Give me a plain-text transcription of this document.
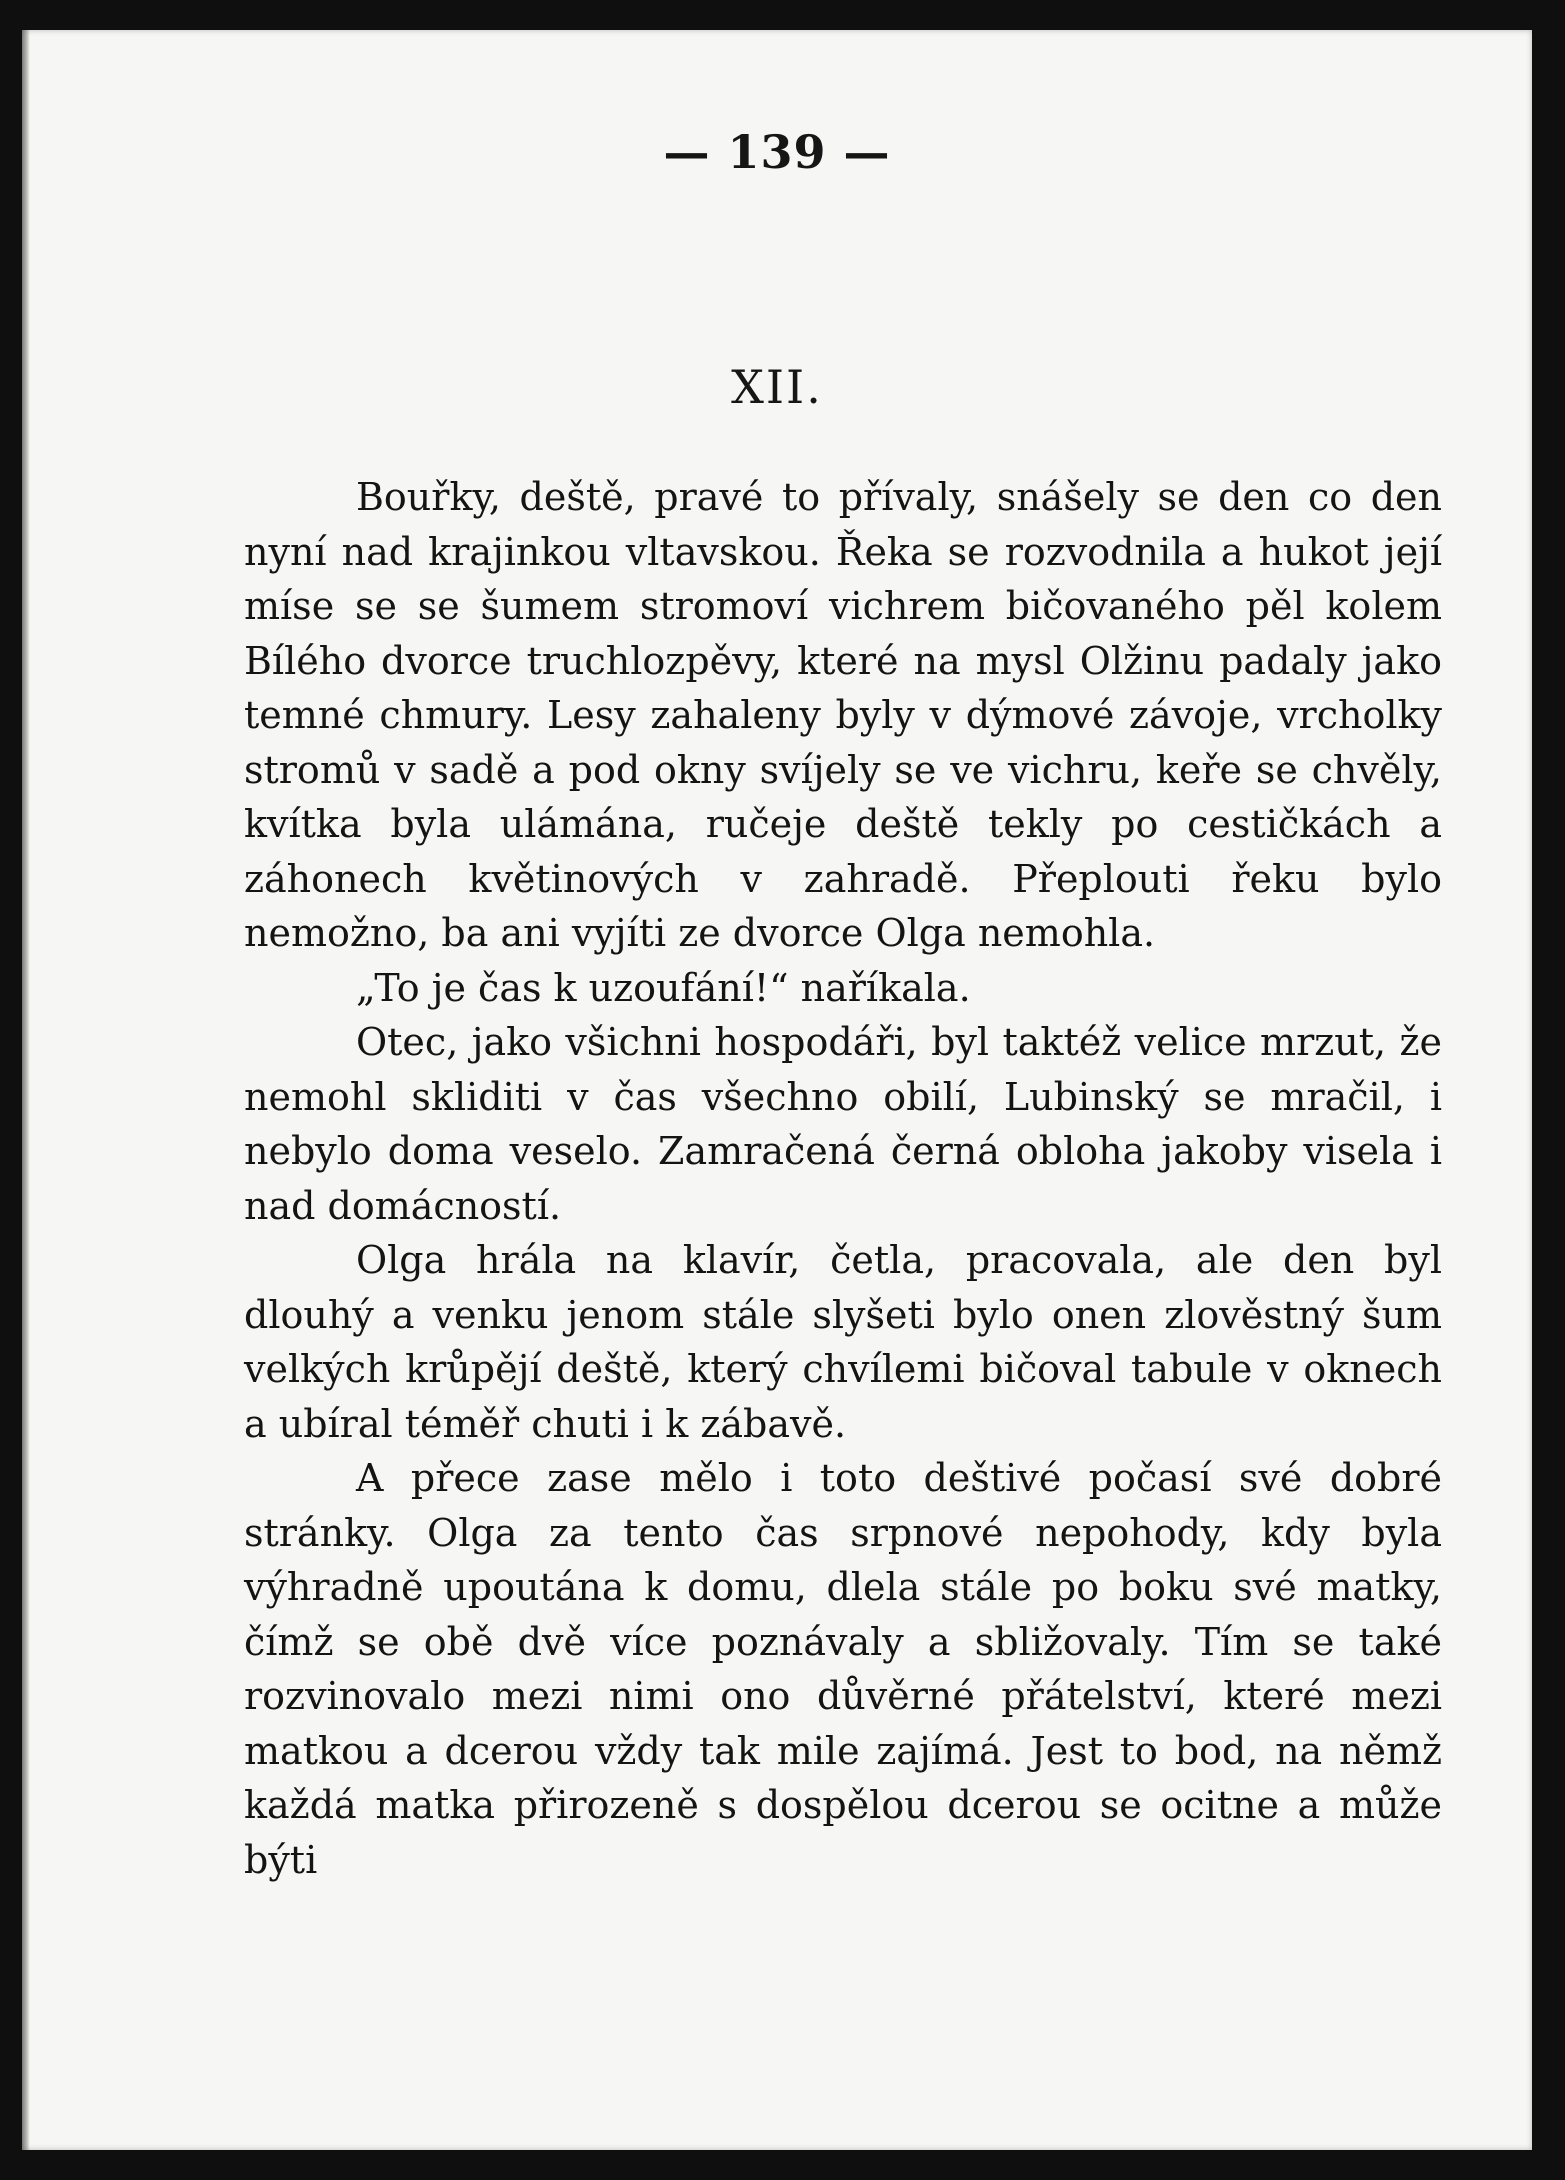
— 139 —
XII.

Bouřky, deště, pravé to přívaly, snášely se den co den nyní nad krajinkou vltavskou. Řeka se rozvodnila a hukot její míse se se šumem stromoví vichrem bičovaného pěl kolem Bílého dvorce truchlozpěvy, které na mysl Olžinu padaly jako temné chmury. Lesy zahaleny byly v dýmové závoje, vrcholky stromů v sadě a pod okny svíjely se ve vichru, keře se chvěly, kvítka byla ulámána, ručeje deště tekly po cestičkách a záhonech květinových v zahradě. Přeplouti řeku bylo nemožno, ba ani vyjíti ze dvorce Olga nemohla.

„To je čas k uzoufání!“ naříkala.

Otec, jako všichni hospodáři, byl taktéž velice mrzut, že nemohl skliditi v čas všechno obilí, Lubinský se mračil, i nebylo doma veselo. Zamračená černá obloha jakoby visela i nad domácností.

Olga hrála na klavír, četla, pracovala, ale den byl dlouhý a venku jenom stále slyšeti bylo onen zlověstný šum velkých krůpějí deště, který chvílemi bičoval tabule v oknech a ubíral téměř chuti i k zábavě.

A přece zase mělo i toto deštivé počasí své dobré stránky. Olga za tento čas srpnové nepohody, kdy byla výhradně upoutána k domu, dlela stále po boku své matky, čímž se obě dvě více poznávaly a sbližovaly. Tím se také rozvinovalo mezi nimi ono důvěrné přátelství, které mezi matkou a dcerou vždy tak mile zajímá. Jest to bod, na němž každá matka přirozeně s dospělou dcerou se ocitne a může býti
